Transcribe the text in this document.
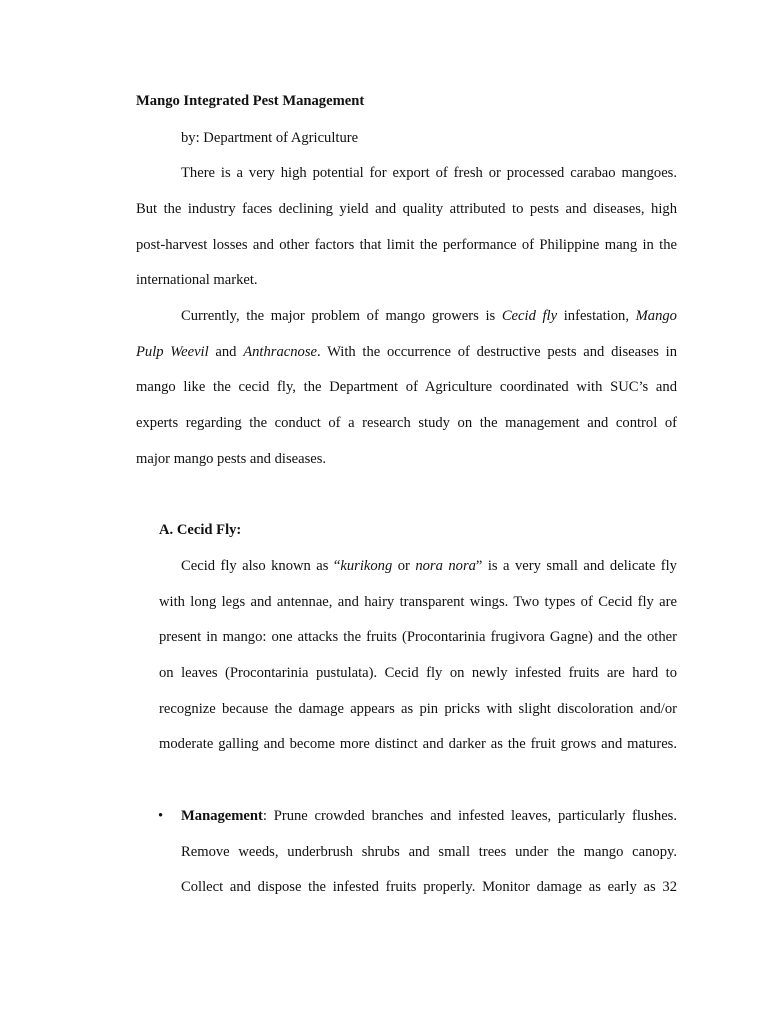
Mango Integrated Pest Management
by: Department of Agriculture
There is a very high potential for export of fresh or processed carabao mangoes.
But the industry faces declining yield and quality attributed to pests and diseases, high
post-harvest losses and other factors that limit the performance of Philippine mang in the
international market.
Currently, the major problem of mango growers is Cecid fly infestation, Mango
Pulp Weevil and Anthracnose. With the occurrence of destructive pests and diseases in
mango like the cecid fly, the Department of Agriculture coordinated with SUC’s and
experts regarding the conduct of a research study on the management and control of
major mango pests and diseases.
A. Cecid Fly:
Cecid fly also known as “kurikong or nora nora” is a very small and delicate fly
with long legs and antennae, and hairy transparent wings. Two types of Cecid fly are
present in mango: one attacks the fruits (Procontarinia frugivora Gagne) and the other
on leaves (Procontarinia pustulata). Cecid fly on newly infested fruits are hard to
recognize because the damage appears as pin pricks with slight discoloration and/or
moderate galling and become more distinct and darker as the fruit grows and matures.
• Management: Prune crowded branches and infested leaves, particularly flushes.
Remove weeds, underbrush shrubs and small trees under the mango canopy.
Collect and dispose the infested fruits properly. Monitor damage as early as 32
